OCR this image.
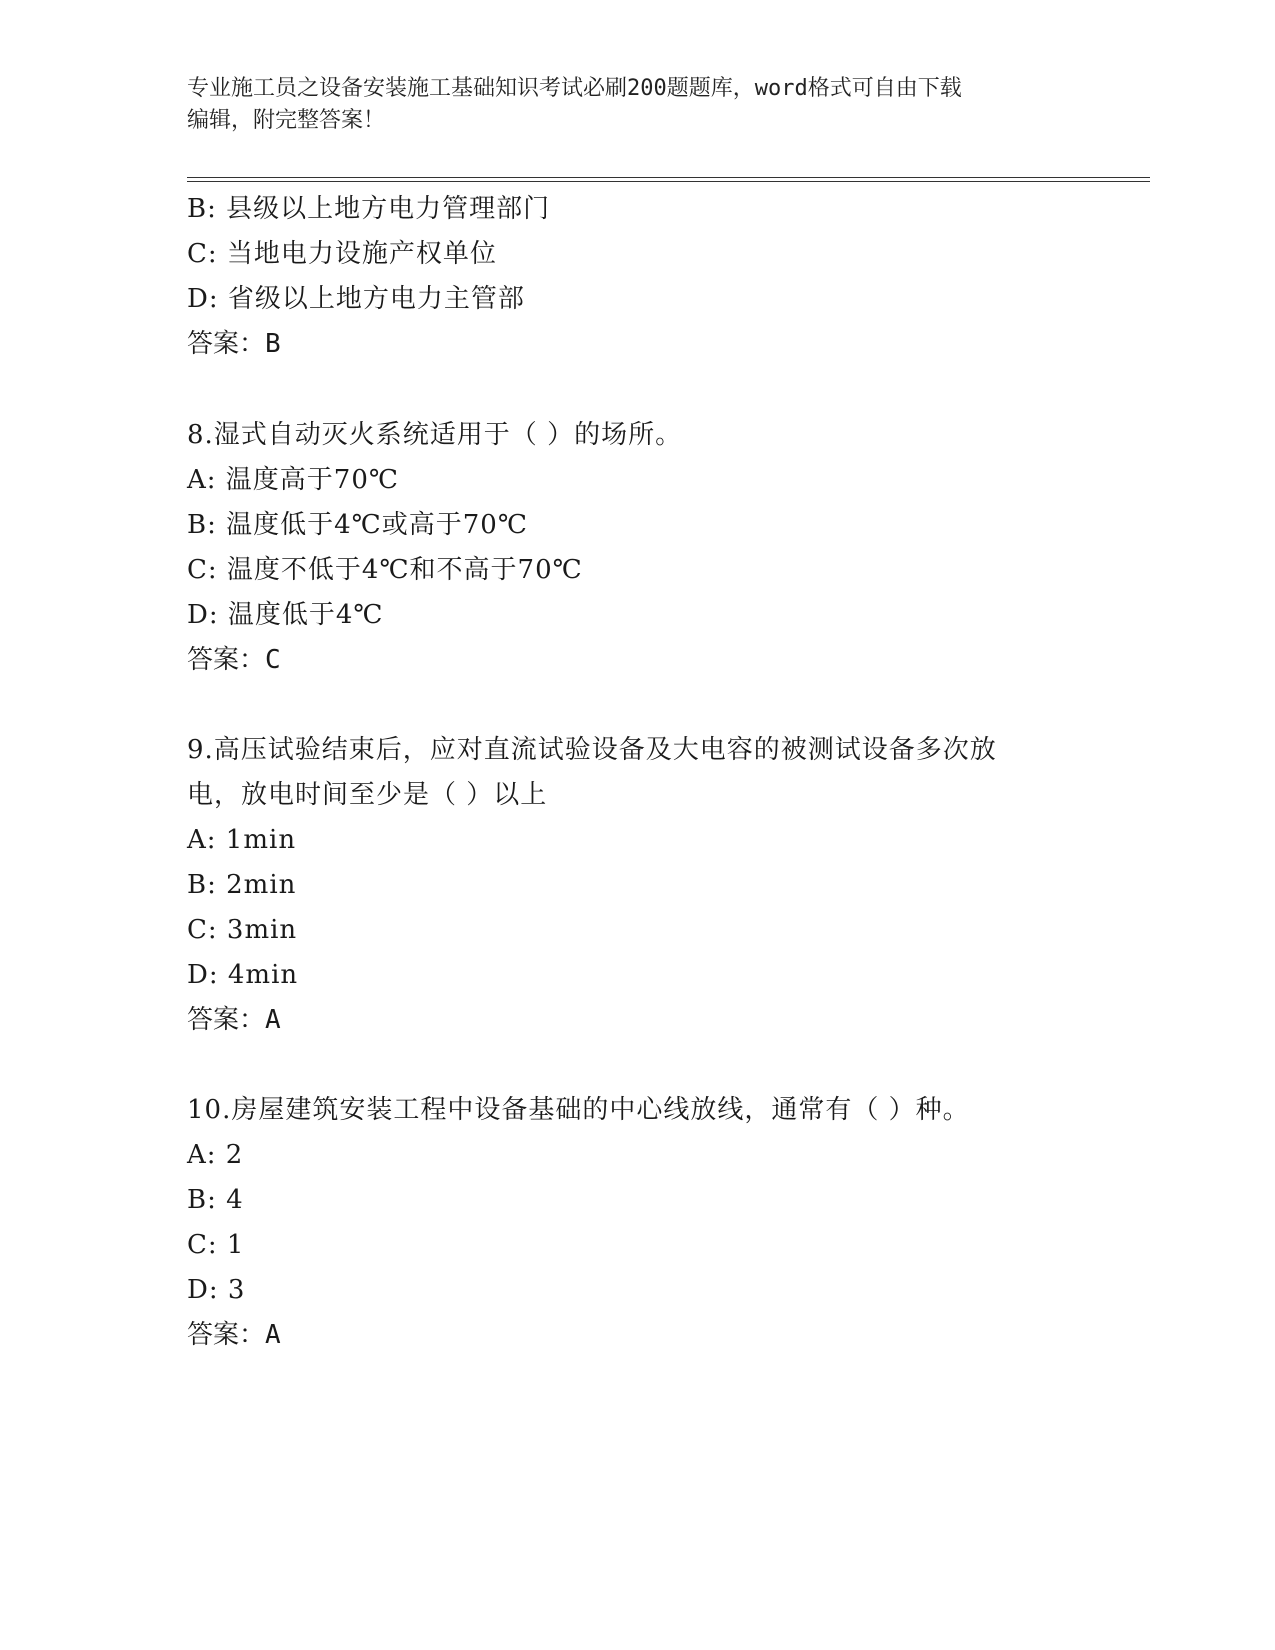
专业施工员之设备安装施工基础知识考试必刷200题题库，word格式可自由下载
编辑，附完整答案！
B: 县级以上地方电力管理部门
C: 当地电力设施产权单位
D: 省级以上地方电力主管部
答案：B
8.湿式自动灭火系统适用于（ ）的场所。
A: 温度高于70℃
B: 温度低于4℃或高于70℃
C: 温度不低于4℃和不高于70℃
D: 温度低于4℃
答案：C
9.高压试验结束后，应对直流试验设备及大电容的被测试设备多次放
电，放电时间至少是（ ）以上
A: 1min
B: 2min
C: 3min
D: 4min
答案：A
10.房屋建筑安装工程中设备基础的中心线放线，通常有（ ）种。
A: 2
B: 4
C: 1
D: 3
答案：A
